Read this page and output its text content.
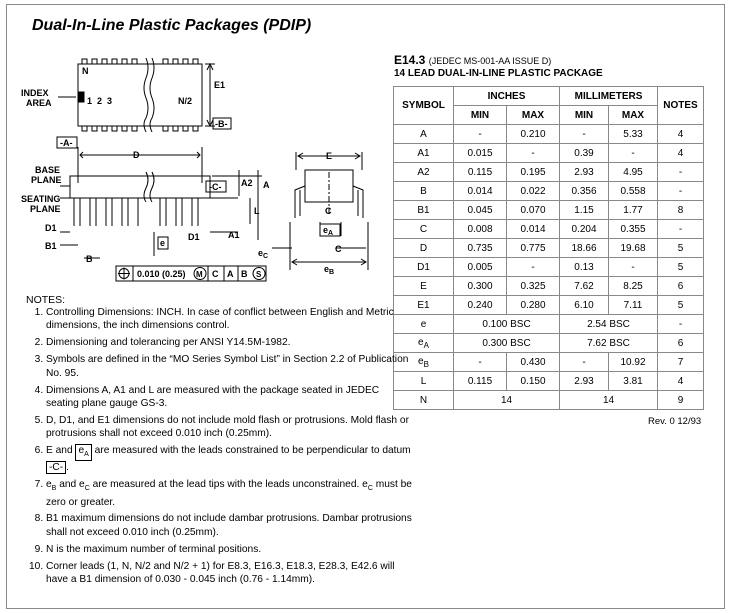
Dual-In-Line Plastic Packages (PDIP)
N
INDEX
AREA	1  2  3	N/2
E1
-B-
-A-
D
BASE
PLANE
SEATING
PLANE
-C- A2 A
L
D1
D1
B1	e
A1
B
0.010 (0.25) M C A B S
E
C
$e_A$
C
$e_C$
$e_B$
E14.3 (JEDEC MS-001-AA ISSUE D)
14 LEAD DUAL-IN-LINE PLASTIC PACKAGE
SYMBOL	INCHES		MILLIMETERS		NOTES
	MIN	MAX	MIN	MAX	
A	-	0.210	-	5.33	4
A1	0.015	-	0.39	-	4
A2	0.115	0.195	2.93	4.95	-
B	0.014	0.022	0.356	0.558	-
B1	0.045	0.070	1.15	1.77	8
C	0.008	0.014	0.204	0.355	-
D	0.735	0.775	18.66	19.68	5
D1	0.005	-	0.13	-	5
E	0.300	0.325	7.62	8.25	6
E1	0.240	0.280	6.10	7.11	5
e	0.100 BSC		2.54 BSC		-
$e_A$	0.300 BSC		7.62 BSC		6
$e_B$	-	0.430	-	10.92	7
L	0.115	0.150	2.93	3.81	4
N	14		14		9
Rev. 0 12/93
NOTES:
1. Controlling Dimensions: INCH. In case of conflict between English and Metric dimensions, the inch dimensions control.
2. Dimensioning and tolerancing per ANSI Y14.5M-1982.
3. Symbols are defined in the “MO Series Symbol List” in Section 2.2 of Publication No. 95.
4. Dimensions A, A1 and L are measured with the package seated in JEDEC seating plane gauge GS-3.
5. D, D1, and E1 dimensions do not include mold flash or protrusions. Mold flash or protrusions shall not exceed 0.010 inch (0.25mm).
6. E and $e_A$ are measured with the leads constrained to be perpendicular to datum -C- .
7. $e_B$ and $e_C$ are measured at the lead tips with the leads unconstrained. $e_C$ must be zero or greater.
8. B1 maximum dimensions do not include dambar protrusions. Dambar protrusions shall not exceed 0.010 inch (0.25mm).
9. N is the maximum number of terminal positions.
10. Corner leads (1, N, N/2 and N/2 + 1) for E8.3, E16.3, E18.3, E28.3, E42.6 will have a B1 dimension of 0.030 - 0.045 inch (0.76 - 1.14mm).
